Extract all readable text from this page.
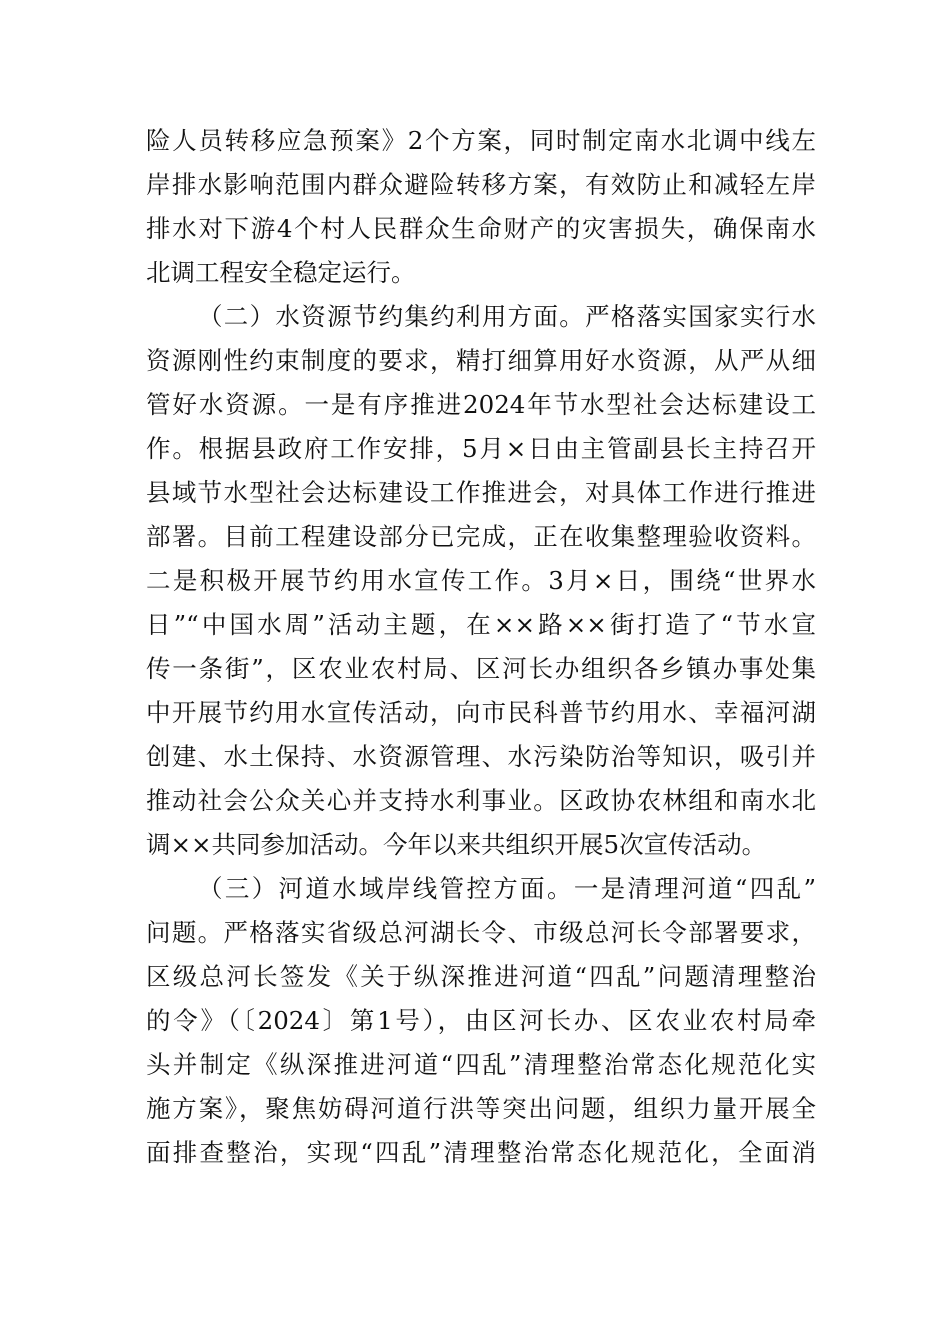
险人员转移应急预案》2个方案，同时制定南水北调中线左
岸排水影响范围内群众避险转移方案，有效防止和减轻左岸
排水对下游4个村人民群众生命财产的灾害损失，确保南水
北调工程安全稳定运行。
（二）水资源节约集约利用方面。严格落实国家实行水
资源刚性约束制度的要求，精打细算用好水资源，从严从细
管好水资源。一是有序推进2024年节水型社会达标建设工
作。根据县政府工作安排，5月×日由主管副县长主持召开
县域节水型社会达标建设工作推进会，对具体工作进行推进
部署。目前工程建设部分已完成，正在收集整理验收资料。
二是积极开展节约用水宣传工作。3月×日，围绕“世界水
日”“中国水周”活动主题，在××路××街打造了“节水宣
传一条街”，区农业农村局、区河长办组织各乡镇办事处集
中开展节约用水宣传活动，向市民科普节约用水、幸福河湖
创建、水土保持、水资源管理、水污染防治等知识，吸引并
推动社会公众关心并支持水利事业。区政协农林组和南水北
调××共同参加活动。今年以来共组织开展5次宣传活动。
（三）河道水域岸线管控方面。一是清理河道“四乱”
问题。严格落实省级总河湖长令、市级总河长令部署要求，
区级总河长签发《关于纵深推进河道“四乱”问题清理整治
的令》（〔2024〕第1号），由区河长办、区农业农村局牵
头并制定《纵深推进河道“四乱”清理整治常态化规范化实
施方案》，聚焦妨碍河道行洪等突出问题，组织力量开展全
面排查整治，实现“四乱”清理整治常态化规范化，全面消
